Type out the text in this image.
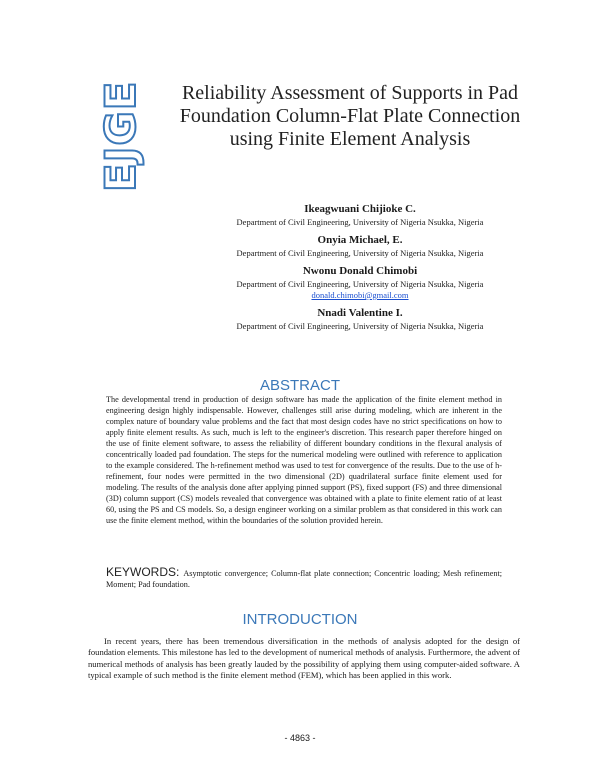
EJGE Reliability Assessment of Supports in Pad Foundation Column-Flat Plate Connection using Finite Element Analysis
Ikeagwuani Chijioke C.
Department of Civil Engineering, University of Nigeria Nsukka, Nigeria
Onyia Michael, E.
Department of Civil Engineering, University of Nigeria Nsukka, Nigeria
Nwonu Donald Chimobi
Department of Civil Engineering, University of Nigeria Nsukka, Nigeria
donald.chimobi@gmail.com
Nnadi Valentine I.
Department of Civil Engineering, University of Nigeria Nsukka, Nigeria
ABSTRACT
The developmental trend in production of design software has made the application of the finite element method in engineering design highly indispensable. However, challenges still arise during modeling, which are inherent in the complex nature of boundary value problems and the fact that most design codes have no strict specifications on how to apply finite element results. As such, much is left to the engineer's discretion. This research paper therefore hinged on the use of finite element software, to assess the reliability of different boundary conditions in the flexural analysis of concentrically loaded pad foundation. The steps for the numerical modeling were outlined with reference to application to the example considered. The h-refinement method was used to test for convergence of the results. Due to the use of h-refinement, four nodes were permitted in the two dimensional (2D) quadrilateral surface finite element used for modeling. The results of the analysis done after applying pinned support (PS), fixed support (FS) and three dimensional (3D) column support (CS) models revealed that convergence was obtained with a plate to finite element ratio of at least 60, using the PS and CS models. So, a design engineer working on a similar problem as that considered in this work can use the finite element method, within the boundaries of the solution provided herein.
KEYWORDS: Asymptotic convergence; Column-flat plate connection; Concentric loading; Mesh refinement; Moment; Pad foundation.
INTRODUCTION
In recent years, there has been tremendous diversification in the methods of analysis adopted for the design of foundation elements. This milestone has led to the development of numerical methods of analysis. Furthermore, the advent of numerical methods of analysis has been greatly lauded by the possibility of applying them using computer-aided software. A typical example of such method is the finite element method (FEM), which has been applied in this work.
- 4863 -
